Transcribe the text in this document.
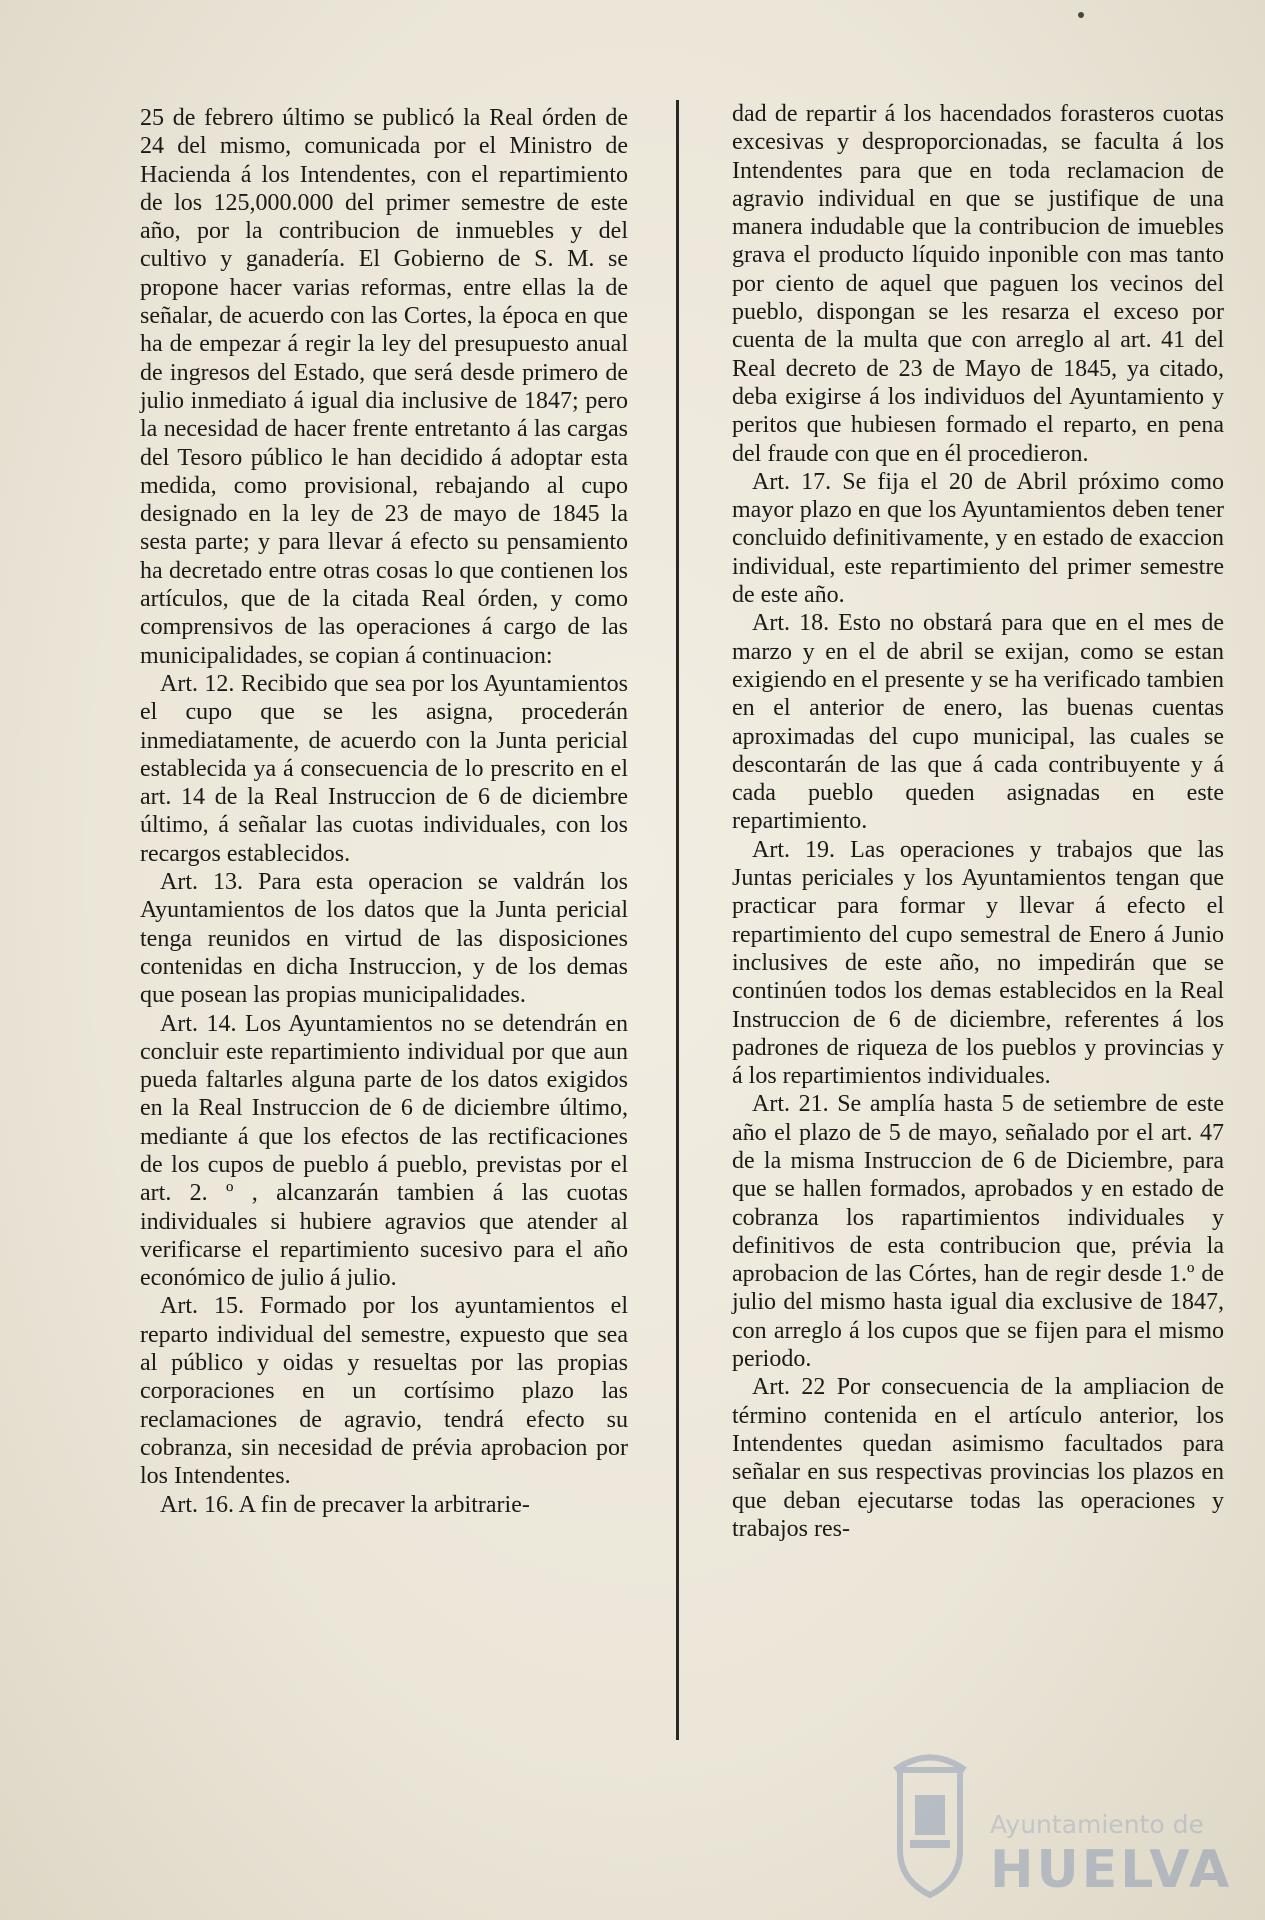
25 de febrero último se publicó la Real órden de 24 del mismo, comunicada por el Ministro de Hacienda á los Intendentes, con el repartimiento de los 125,000.000 del primer semestre de este año, por la contribucion de inmuebles y del cultivo y ganadería. El Gobierno de S. M. se propone hacer varias reformas, entre ellas la de señalar, de acuerdo con las Cortes, la época en que ha de empezar á regir la ley del presupuesto anual de ingresos del Estado, que será desde primero de julio inmediato á igual dia inclusive de 1847; pero la necesidad de hacer frente entretanto á las cargas del Tesoro público le han decidido á adoptar esta medida, como provisional, rebajando al cupo designado en la ley de 23 de mayo de 1845 la sesta parte; y para llevar á efecto su pensamiento ha decretado entre otras cosas lo que contienen los artículos, que de la citada Real órden, y como comprensivos de las operaciones á cargo de las municipalidades, se copian á continuacion:

Art. 12. Recibido que sea por los Ayuntamientos el cupo que se les asigna, procederán inmediatamente, de acuerdo con la Junta pericial establecida ya á consecuencia de lo prescrito en el art. 14 de la Real Instruccion de 6 de diciembre último, á señalar las cuotas individuales, con los recargos establecidos.

Art. 13. Para esta operacion se valdrán los Ayuntamientos de los datos que la Junta pericial tenga reunidos en virtud de las disposiciones contenidas en dicha Instruccion, y de los demas que posean las propias municipalidades.

Art. 14. Los Ayuntamientos no se detendrán en concluir este repartimiento individual por que aun pueda faltarles alguna parte de los datos exigidos en la Real Instruccion de 6 de diciembre último, mediante á que los efectos de las rectificaciones de los cupos de pueblo á pueblo, previstas por el art. 2. º , alcanzarán tambien á las cuotas individuales si hubiere agravios que atender al verificarse el repartimiento sucesivo para el año económico de julio á julio.

Art. 15. Formado por los ayuntamientos el reparto individual del semestre, expuesto que sea al público y oidas y resueltas por las propias corporaciones en un cortísimo plazo las reclamaciones de agravio, tendrá efecto su cobranza, sin necesidad de prévia aprobacion por los Intendentes.

Art. 16. A fin de precaver la arbitrarie-

dad de repartir á los hacendados forasteros cuotas excesivas y desproporcionadas, se faculta á los Intendentes para que en toda reclamacion de agravio individual en que se justifique de una manera indudable que la contribucion de imuebles grava el producto líquido inponible con mas tanto por ciento de aquel que paguen los vecinos del pueblo, dispongan se les resarza el exceso por cuenta de la multa que con arreglo al art. 41 del Real decreto de 23 de Mayo de 1845, ya citado, deba exigirse á los individuos del Ayuntamiento y peritos que hubiesen formado el reparto, en pena del fraude con que en él procedieron.

Art. 17. Se fija el 20 de Abril próximo como mayor plazo en que los Ayuntamientos deben tener concluido definitivamente, y en estado de exaccion individual, este repartimiento del primer semestre de este año.

Art. 18. Esto no obstará para que en el mes de marzo y en el de abril se exijan, como se estan exigiendo en el presente y se ha verificado tambien en el anterior de enero, las buenas cuentas aproximadas del cupo municipal, las cuales se descontarán de las que á cada contribuyente y á cada pueblo queden asignadas en este repartimiento.

Art. 19. Las operaciones y trabajos que las Juntas periciales y los Ayuntamientos tengan que practicar para formar y llevar á efecto el repartimiento del cupo semestral de Enero á Junio inclusives de este año, no impedirán que se continúen todos los demas establecidos en la Real Instruccion de 6 de diciembre, referentes á los padrones de riqueza de los pueblos y provincias y á los repartimientos individuales.

Art. 21. Se amplía hasta 5 de setiembre de este año el plazo de 5 de mayo, señalado por el art. 47 de la misma Instruccion de 6 de Diciembre, para que se hallen formados, aprobados y en estado de cobranza los rapartimientos individuales y definitivos de esta contribucion que, prévia la aprobacion de las Córtes, han de regir desde 1.º de julio del mismo hasta igual dia exclusive de 1847, con arreglo á los cupos que se fijen para el mismo periodo.

Art. 22 Por consecuencia de la ampliacion de término contenida en el artículo anterior, los Intendentes quedan asimismo facultados para señalar en sus respectivas provincias los plazos en que deban ejecutarse todas las operaciones y trabajos res-

Ayuntamiento de
HUELVA
